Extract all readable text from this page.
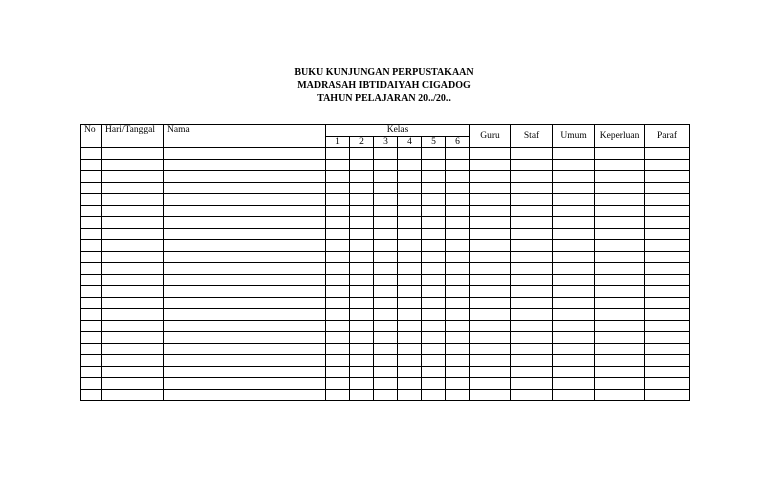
BUKU KUNJUNGAN PERPUSTAKAAN
MADRASAH IBTIDAIYAH CIGADOG
TAHUN PELAJARAN 20../20..
No	Hari/Tanggal	Nama	Kelas						Guru	Staf	Umum	Keperluan	Paraf
			1	2	3	4	5	6					
